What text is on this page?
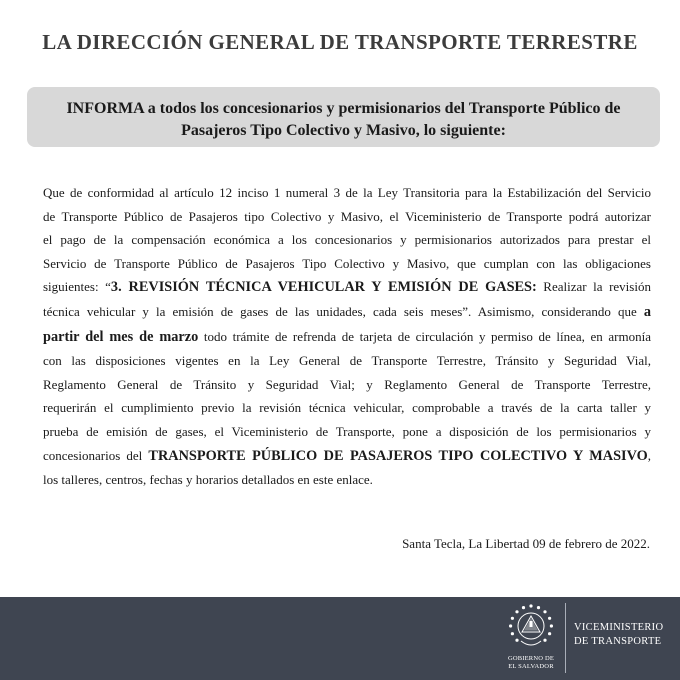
LA DIRECCIÓN GENERAL DE TRANSPORTE TERRESTRE
INFORMA a todos los concesionarios y permisionarios del Transporte Público de
Pasajeros Tipo Colectivo y Masivo, lo siguiente:
Que de conformidad al artículo 12 inciso 1 numeral 3 de la Ley Transitoria para la Estabilización del Servicio
de Transporte Público de Pasajeros tipo Colectivo y Masivo, el Viceministerio de Transporte podrá autorizar
el pago de la compensación económica a los concesionarios y permisionarios autorizados para prestar el
Servicio de Transporte Público de Pasajeros Tipo Colectivo y Masivo, que cumplan con las obligaciones
siguientes: “3. REVISIÓN TÉCNICA VEHICULAR Y EMISIÓN DE GASES: Realizar la revisión
técnica vehicular y la emisión de gases de las unidades, cada seis meses”. Asimismo, considerando que a
partir del mes de marzo todo trámite de refrenda de tarjeta de circulación y permiso de línea, en armonía
con las disposiciones vigentes en la Ley General de Transporte Terrestre, Tránsito y Seguridad Vial,
Reglamento General de Tránsito y Seguridad Vial; y Reglamento General de Transporte Terrestre,
requerirán el cumplimiento previo la revisión técnica vehicular, comprobable a través de la carta taller y
prueba de emisión de gases, el Viceministerio de Transporte, pone a disposición de los permisionarios y
concesionarios del TRANSPORTE PÚBLICO DE PASAJEROS TIPO COLECTIVO Y MASIVO,
los talleres, centros, fechas y horarios detallados en este enlace.
Santa Tecla, La Libertad 09 de febrero de 2022.
GOBIERNO DE
EL SALVADOR
VICEMINISTERIO
DE TRANSPORTE
